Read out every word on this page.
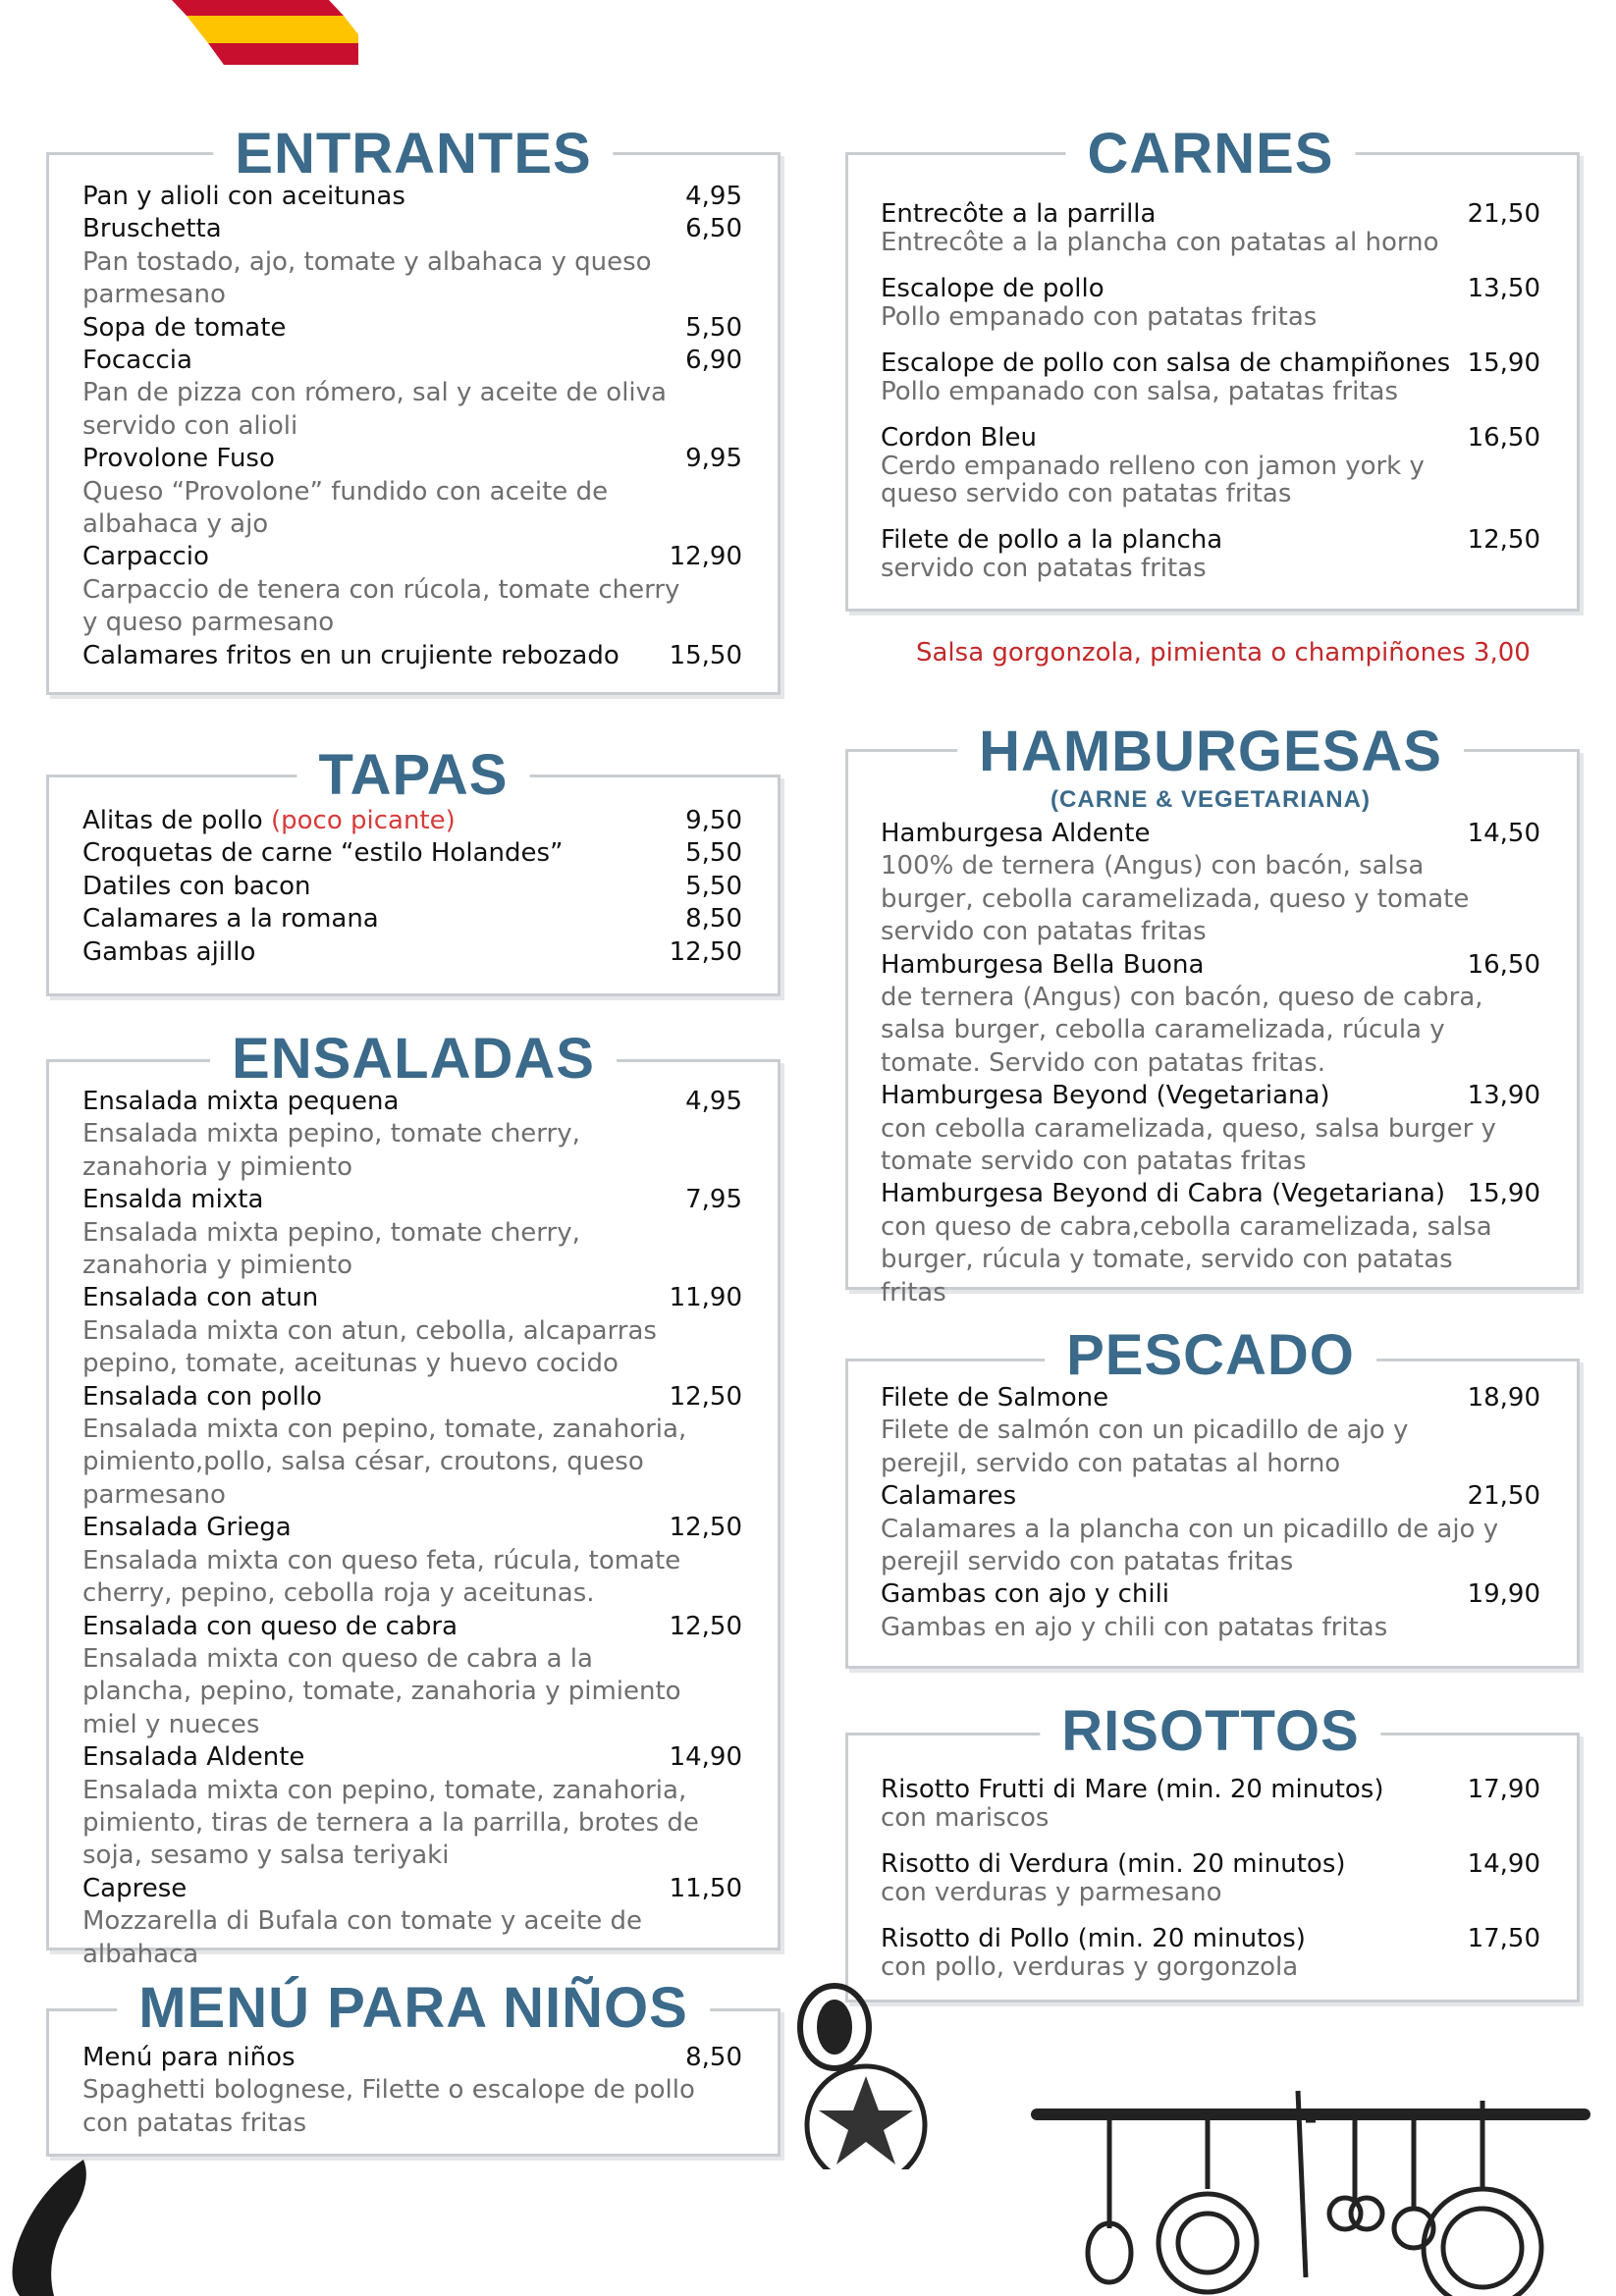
ENTRANTES
Pan y alioli con aceitunas	4,95
Bruschetta	6,50
Pan tostado, ajo, tomate y albahaca y queso parmesano
Sopa de tomate	5,50
Focaccia	6,90
Pan de pizza con rómero, sal y aceite de oliva servido con alioli
Provolone Fuso	9,95
Queso “Provolone” fundido con aceite de albahaca y ajo
Carpaccio	12,90
Carpaccio de tenera con rúcola, tomate cherry y queso parmesano
Calamares fritos en un crujiente rebozado	15,50
TAPAS
Alitas de pollo (poco picante)	9,50
Croquetas de carne “estilo Holandes”	5,50
Datiles con bacon	5,50
Calamares a la romana	8,50
Gambas ajillo	12,50
ENSALADAS
Ensalada mixta pequena	4,95
Ensalada mixta pepino, tomate cherry, zanahoria y pimiento
Ensalda mixta	7,95
Ensalada mixta pepino, tomate cherry, zanahoria y pimiento
Ensalada con atun	11,90
Ensalada mixta con atun, cebolla, alcaparras pepino, tomate, aceitunas y huevo cocido
Ensalada con pollo	12,50
Ensalada mixta con pepino, tomate, zanahoria, pimiento,pollo, salsa césar, croutons, queso parmesano
Ensalada Griega	12,50
Ensalada mixta con queso feta, rúcula, tomate cherry, pepino, cebolla roja y aceitunas.
Ensalada con queso de cabra	12,50
Ensalada mixta con queso de cabra a la plancha, pepino, tomate, zanahoria y pimiento miel y nueces
Ensalada Aldente	14,90
Ensalada mixta con pepino, tomate, zanahoria, pimiento, tiras de ternera a la parrilla, brotes de soja, sesamo y salsa teriyaki
Caprese	11,50
Mozzarella di Bufala con tomate y aceite de albahaca
MENÚ PARA NIÑOS
Menú para niños	8,50
Spaghetti bolognese, Filette o escalope de pollo con patatas fritas
CARNES
Entrecôte a la parrilla	21,50
Entrecôte a la plancha con patatas al horno
Escalope de pollo	13,50
Pollo empanado con patatas fritas
Escalope de pollo con salsa de champiñones 15,90
Pollo empanado con salsa, patatas fritas
Cordon Bleu	16,50
Cerdo empanado relleno con jamon york y queso servido con patatas fritas
Filete de pollo a la plancha	12,50
servido con patatas fritas
Salsa gorgonzola, pimienta o champiñones 3,00
HAMBURGESAS
(CARNE & VEGETARIANA)
Hamburgesa Aldente	14,50
100% de ternera (Angus) con bacón, salsa burger, cebolla caramelizada, queso y tomate servido con patatas fritas
Hamburgesa Bella Buona	16,50
de ternera (Angus) con bacón, queso de cabra, salsa burger, cebolla caramelizada, rúcula y tomate. Servido con patatas fritas.
Hamburgesa Beyond (Vegetariana)	13,90
con cebolla caramelizada, queso, salsa burger y tomate servido con patatas fritas
Hamburgesa Beyond di Cabra (Vegetariana) 15,90
con queso de cabra,cebolla caramelizada, salsa burger, rúcula y tomate, servido con patatas fritas
PESCADO
Filete de Salmone	18,90
Filete de salmón con un picadillo de ajo y perejil, servido con patatas al horno
Calamares	21,50
Calamares a la plancha con un picadillo de ajo y perejil servido con patatas fritas
Gambas con ajo y chili	19,90
Gambas en ajo y chili con patatas fritas
RISOTTOS
Risotto Frutti di Mare (min. 20 minutos)	17,90
con mariscos
Risotto di Verdura (min. 20 minutos)	14,90
con verduras y parmesano
Risotto di Pollo (min. 20 minutos)	17,50
con pollo, verduras y gorgonzola
